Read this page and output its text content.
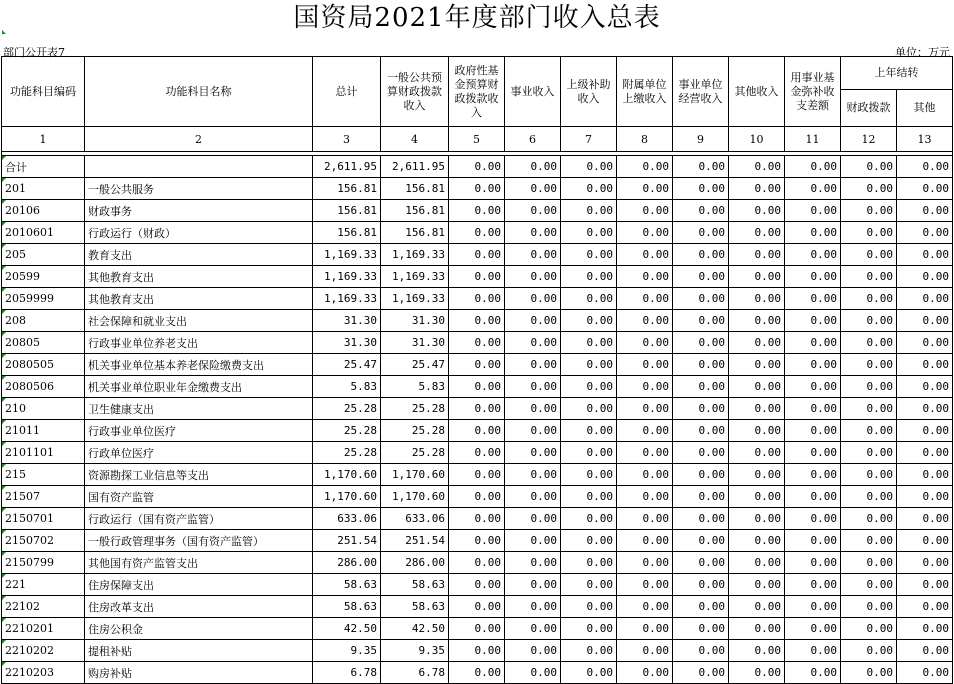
国资局2021年度部门收入总表
部门公开表7	单位：万元
功能科目编码	功能科目名称	总计	一般公共预算财政拨款收入	政府性基金预算财政拨款收入	事业收入	上级补助收入	附属单位上缴收入	事业单位经营收入	其他收入	用事业基金弥补收支差额	上年结转	
											财政拨款	其他
1	2	3	4	5	6	7	8	9	10	11	12	13

合计		2,611.95	2,611.95	0.00	0.00	0.00	0.00	0.00	0.00	0.00	0.00	0.00
201	一般公共服务	156.81	156.81	0.00	0.00	0.00	0.00	0.00	0.00	0.00	0.00	0.00
20106	财政事务	156.81	156.81	0.00	0.00	0.00	0.00	0.00	0.00	0.00	0.00	0.00
2010601	行政运行（财政）	156.81	156.81	0.00	0.00	0.00	0.00	0.00	0.00	0.00	0.00	0.00
205	教育支出	1,169.33	1,169.33	0.00	0.00	0.00	0.00	0.00	0.00	0.00	0.00	0.00
20599	其他教育支出	1,169.33	1,169.33	0.00	0.00	0.00	0.00	0.00	0.00	0.00	0.00	0.00
2059999	其他教育支出	1,169.33	1,169.33	0.00	0.00	0.00	0.00	0.00	0.00	0.00	0.00	0.00
208	社会保障和就业支出	31.30	31.30	0.00	0.00	0.00	0.00	0.00	0.00	0.00	0.00	0.00
20805	行政事业单位养老支出	31.30	31.30	0.00	0.00	0.00	0.00	0.00	0.00	0.00	0.00	0.00
2080505	机关事业单位基本养老保险缴费支出	25.47	25.47	0.00	0.00	0.00	0.00	0.00	0.00	0.00	0.00	0.00
2080506	机关事业单位职业年金缴费支出	5.83	5.83	0.00	0.00	0.00	0.00	0.00	0.00	0.00	0.00	0.00
210	卫生健康支出	25.28	25.28	0.00	0.00	0.00	0.00	0.00	0.00	0.00	0.00	0.00
21011	行政事业单位医疗	25.28	25.28	0.00	0.00	0.00	0.00	0.00	0.00	0.00	0.00	0.00
2101101	行政单位医疗	25.28	25.28	0.00	0.00	0.00	0.00	0.00	0.00	0.00	0.00	0.00
215	资源勘探工业信息等支出	1,170.60	1,170.60	0.00	0.00	0.00	0.00	0.00	0.00	0.00	0.00	0.00
21507	国有资产监管	1,170.60	1,170.60	0.00	0.00	0.00	0.00	0.00	0.00	0.00	0.00	0.00
2150701	行政运行（国有资产监管）	633.06	633.06	0.00	0.00	0.00	0.00	0.00	0.00	0.00	0.00	0.00
2150702	一般行政管理事务（国有资产监管）	251.54	251.54	0.00	0.00	0.00	0.00	0.00	0.00	0.00	0.00	0.00
2150799	其他国有资产监管支出	286.00	286.00	0.00	0.00	0.00	0.00	0.00	0.00	0.00	0.00	0.00
221	住房保障支出	58.63	58.63	0.00	0.00	0.00	0.00	0.00	0.00	0.00	0.00	0.00
22102	住房改革支出	58.63	58.63	0.00	0.00	0.00	0.00	0.00	0.00	0.00	0.00	0.00
2210201	住房公积金	42.50	42.50	0.00	0.00	0.00	0.00	0.00	0.00	0.00	0.00	0.00
2210202	提租补贴	9.35	9.35	0.00	0.00	0.00	0.00	0.00	0.00	0.00	0.00	0.00
2210203	购房补贴	6.78	6.78	0.00	0.00	0.00	0.00	0.00	0.00	0.00	0.00	0.00
